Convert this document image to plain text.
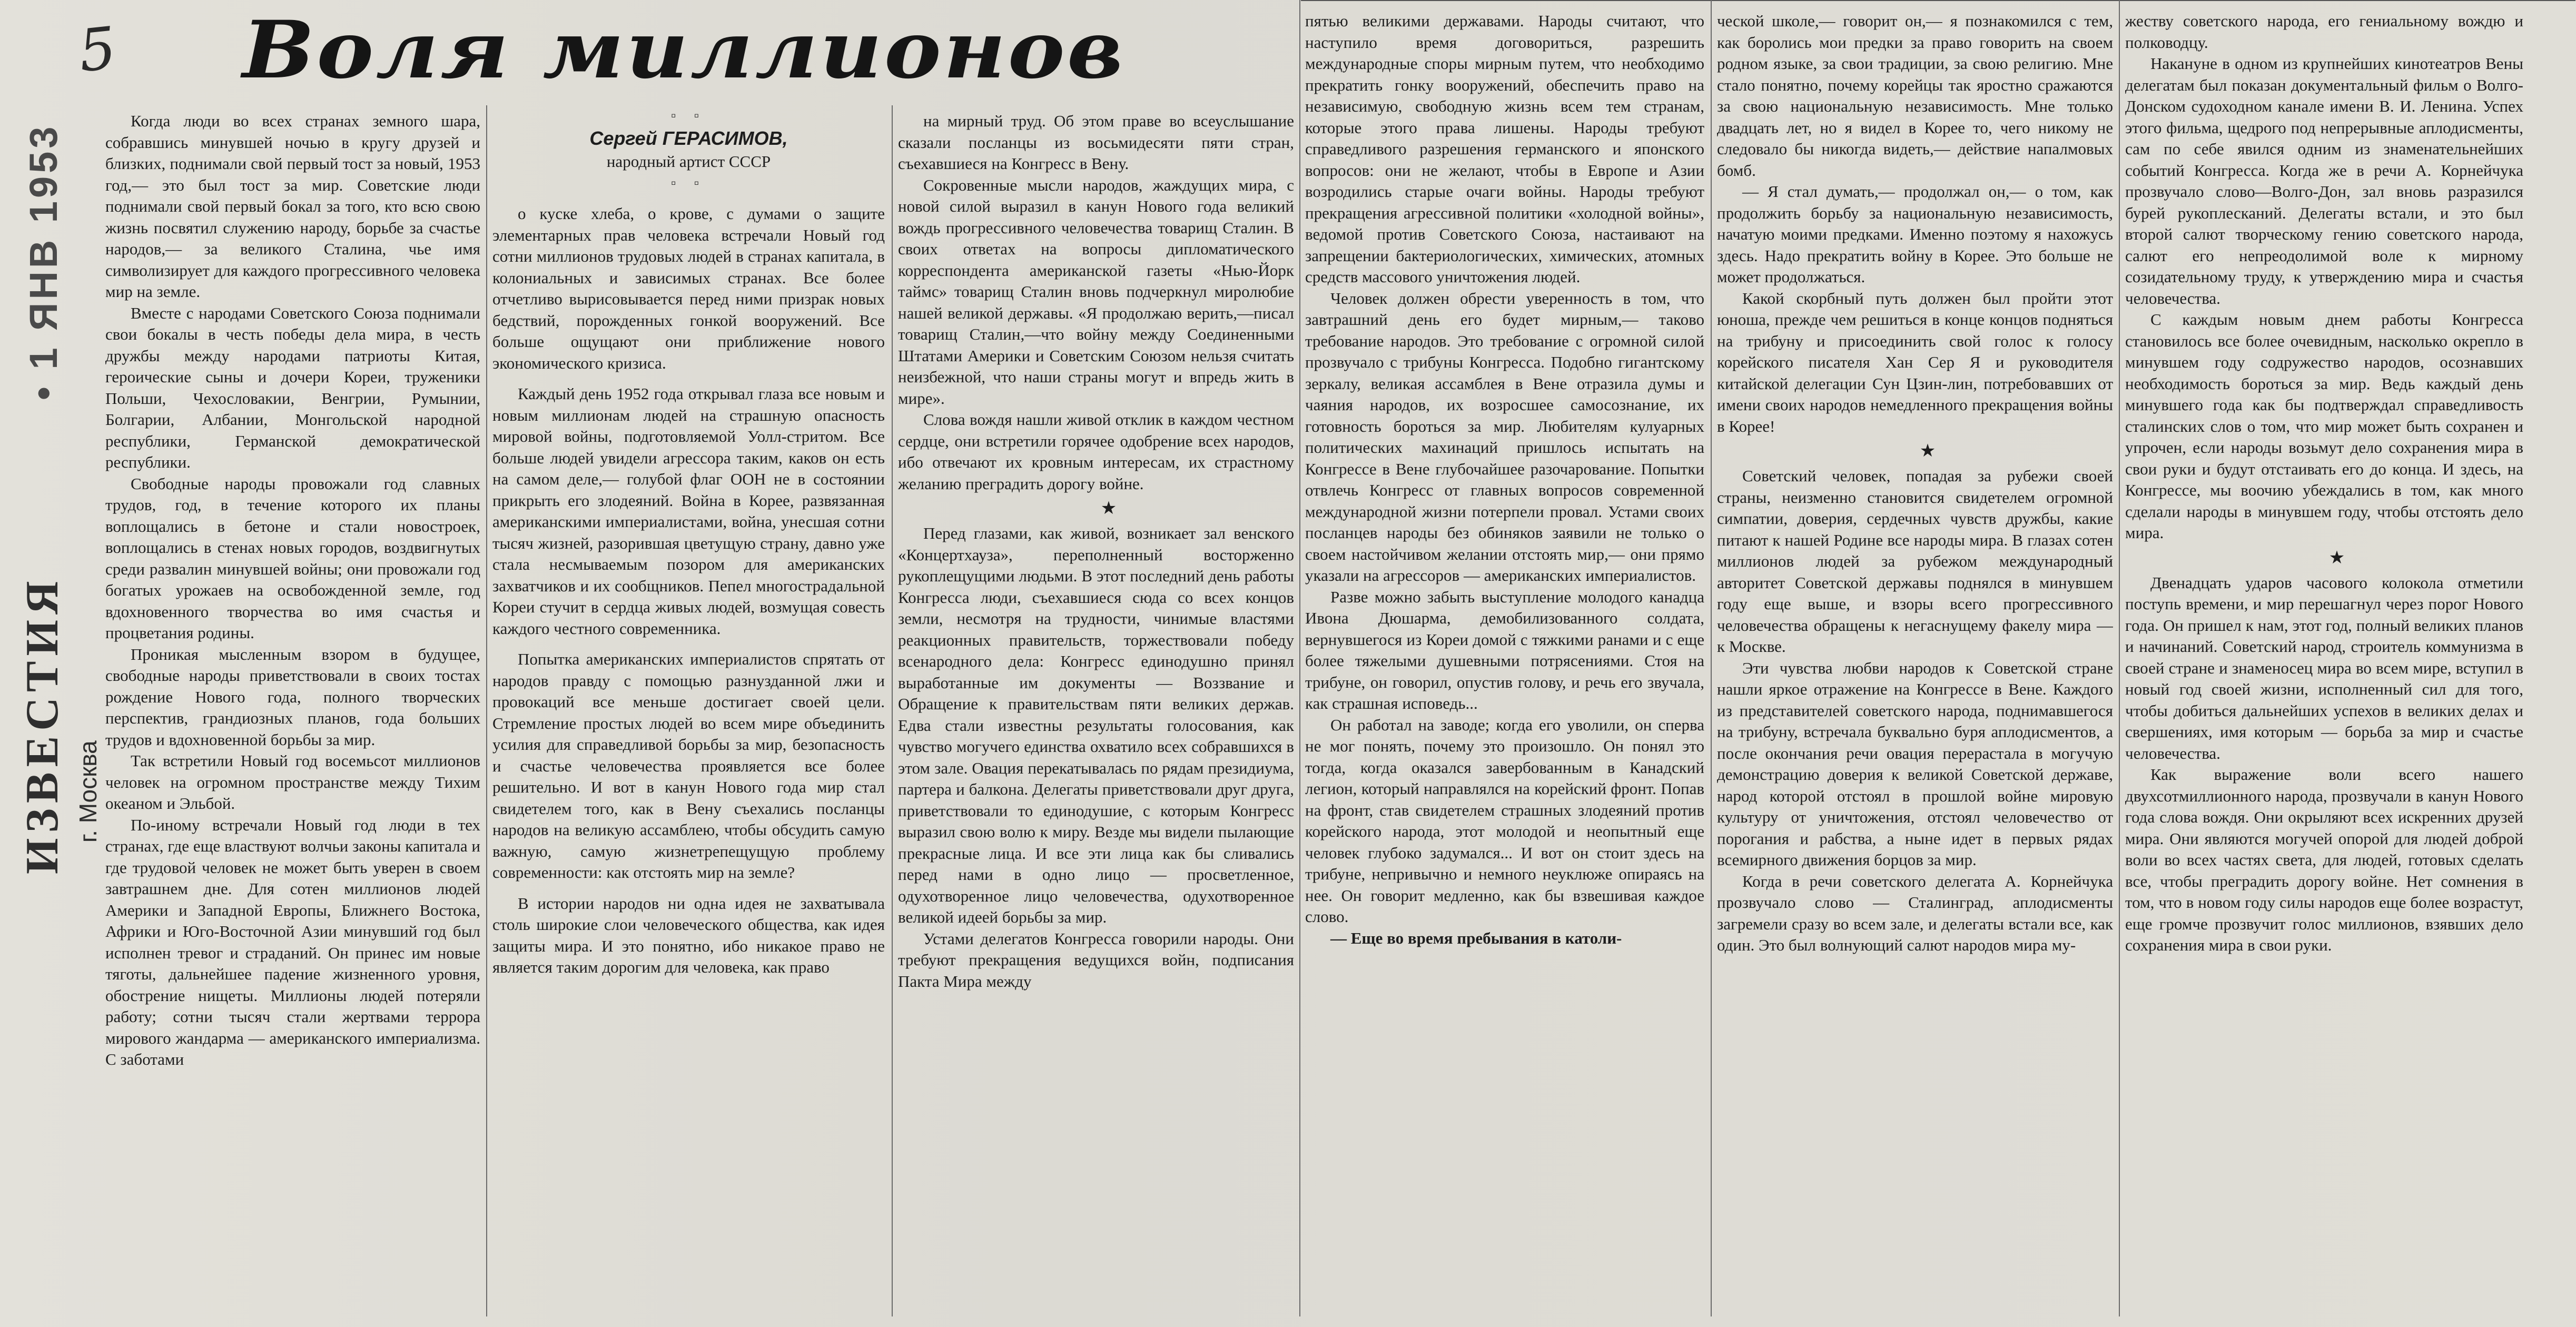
5
• 1 ЯНВ 1953
ИЗВЕСТИЯ г. Москва
Воля миллионов

Когда люди во всех странах земного шара, собравшись минувшей ночью в кругу друзей и близких, поднимали свой первый тост за новый, 1953 год,— это был тост за мир. Советские люди поднимали свой первый бокал за того, кто всю свою жизнь посвятил служению народу, борьбе за счастье народов,— за великого Сталина, чье имя символизирует для каждого прогрессивного человека мир на земле.

Вместе с народами Советского Союза поднимали свои бокалы в честь победы дела мира, в честь дружбы между народами патриоты Китая, героические сыны и дочери Кореи, труженики Польши, Чехословакии, Венгрии, Румынии, Болгарии, Албании, Монгольской народной республики, Германской демократической республики.

Свободные народы провожали год славных трудов, год, в течение которого их планы воплощались в бетоне и стали новостроек, воплощались в стенах новых городов, воздвигнутых среди развалин минувшей войны; они провожали год богатых урожаев на освобожденной земле, год вдохновенного творчества во имя счастья и процветания родины.

Проникая мысленным взором в будущее, свободные народы приветствовали в своих тостах рождение Нового года, полного творческих перспектив, грандиозных планов, года больших трудов и вдохновенной борьбы за мир.

Так встретили Новый год восемьсот миллионов человек на огромном пространстве между Тихим океаном и Эльбой.

По-иному встречали Новый год люди в тех странах, где еще властвуют волчьи законы капитала и где трудовой человек не может быть уверен в своем завтрашнем дне. Для сотен миллионов людей Америки и Западной Европы, Ближнего Востока, Африки и Юго-Восточной Азии минувший год был исполнен тревог и страданий. Он принес им новые тяготы, дальнейшее падение жизненного уровня, обострение нищеты. Миллионы людей потеряли работу; сотни тысяч стали жертвами террора мирового жандарма — американского империализма. С заботами

▫ ▫
Сергей ГЕРАСИМОВ,
народный артист СССР
▫ ▫

о куске хлеба, о крове, с думами о защите элементарных прав человека встречали Новый год сотни миллионов трудовых людей в странах капитала, в колониальных и зависимых странах. Все более отчетливо вырисовывается перед ними призрак новых бедствий, порожденных гонкой вооружений. Все больше ощущают они приближение нового экономического кризиса.

Каждый день 1952 года открывал глаза все новым и новым миллионам людей на страшную опасность мировой войны, подготовляемой Уолл-стритом. Все больше людей увидели агрессора таким, каков он есть на самом деле,— голубой флаг ООН не в состоянии прикрыть его злодеяний. Война в Корее, развязанная американскими империалистами, война, унесшая сотни тысяч жизней, разорившая цветущую страну, давно уже стала несмываемым позором для американских захватчиков и их сообщников. Пепел многострадальной Кореи стучит в сердца живых людей, возмущая совесть каждого честного современника.

Попытка американских империалистов спрятать от народов правду с помощью разнузданной лжи и провокаций все меньше достигает своей цели. Стремление простых людей во всем мире объединить усилия для справедливой борьбы за мир, безопасность и счастье человечества проявляется все более решительно. И вот в канун Нового года мир стал свидетелем того, как в Вену съехались посланцы народов на великую ассамблею, чтобы обсудить самую важную, самую жизнетрепещущую проблему современности: как отстоять мир на земле?

В истории народов ни одна идея не захватывала столь широкие слои человеческого общества, как идея защиты мира. И это понятно, ибо никакое право не является таким дорогим для человека, как право

на мирный труд. Об этом праве во всеуслышание сказали посланцы из восьмидесяти пяти стран, съехавшиеся на Конгресс в Вену.

Сокровенные мысли народов, жаждущих мира, с новой силой выразил в канун Нового года великий вождь прогрессивного человечества товарищ Сталин. В своих ответах на вопросы дипломатического корреспондента американской газеты «Нью-Йорк таймс» товарищ Сталин вновь подчеркнул миролюбие нашей великой державы. «Я продолжаю верить,—писал товарищ Сталин,—что войну между Соединенными Штатами Америки и Советским Союзом нельзя считать неизбежной, что наши страны могут и впредь жить в мире».

Слова вождя нашли живой отклик в каждом честном сердце, они встретили горячее одобрение всех народов, ибо отвечают их кровным интересам, их страстному желанию преградить дорогу войне.

★

Перед глазами, как живой, возникает зал венского «Концертхауза», переполненный восторженно рукоплещущими людьми. В этот последний день работы Конгресса люди, съехавшиеся сюда со всех концов земли, несмотря на трудности, чинимые властями реакционных правительств, торжествовали победу всенародного дела: Конгресс единодушно принял выработанные им документы — Воззвание и Обращение к правительствам пяти великих держав. Едва стали известны результаты голосования, как чувство могучего единства охватило всех собравшихся в этом зале. Овация перекатывалась по рядам президиума, партера и балкона. Делегаты приветствовали друг друга, приветствовали то единодушие, с которым Конгресс выразил свою волю к миру. Везде мы видели пылающие прекрасные лица. И все эти лица как бы сливались перед нами в одно лицо — просветленное, одухотворенное лицо человечества, одухотворенное великой идеей борьбы за мир.

Устами делегатов Конгресса говорили народы. Они требуют прекращения ведущихся войн, подписания Пакта Мира между

пятью великими державами. Народы считают, что наступило время договориться, разрешить международные споры мирным путем, что необходимо прекратить гонку вооружений, обеспечить право на независимую, свободную жизнь всем тем странам, которые этого права лишены. Народы требуют справедливого разрешения германского и японского вопросов: они не желают, чтобы в Европе и Азии возродились старые очаги войны. Народы требуют прекращения агрессивной политики «холодной войны», ведомой против Советского Союза, настаивают на запрещении бактериологических, химических, атомных средств массового уничтожения людей.

Человек должен обрести уверенность в том, что завтрашний день его будет мирным,— таково требование народов. Это требование с огромной силой прозвучало с трибуны Конгресса. Подобно гигантскому зеркалу, великая ассамблея в Вене отразила думы и чаяния народов, их возросшее самосознание, их готовность бороться за мир. Любителям кулуарных политических махинаций пришлось испытать на Конгрессе в Вене глубочайшее разочарование. Попытки отвлечь Конгресс от главных вопросов современной международной жизни потерпели провал. Устами своих посланцев народы без обиняков заявили не только о своем настойчивом желании отстоять мир,— они прямо указали на агрессоров — американских империалистов.

Разве можно забыть выступление молодого канадца Ивона Дюшарма, демобилизованного солдата, вернувшегося из Кореи домой с тяжкими ранами и с еще более тяжелыми душевными потрясениями. Стоя на трибуне, он говорил, опустив голову, и речь его звучала, как страшная исповедь...

Он работал на заводе; когда его уволили, он сперва не мог понять, почему это произошло. Он понял это тогда, когда оказался завербованным в Канадский легион, который направлялся на корейский фронт. Попав на фронт, став свидетелем страшных злодеяний против корейского народа, этот молодой и неопытный еще человек глубоко задумался... И вот он стоит здесь на трибуне, непривычно и немного неуклюже опираясь на нее. Он говорит медленно, как бы взвешивая каждое слово.

— Еще во время пребывания в католи-

ческой школе,— говорит он,— я познакомился с тем, как боролись мои предки за право говорить на своем родном языке, за свои традиции, за свою религию. Мне стало понятно, почему корейцы так яростно сражаются за свою национальную независимость. Мне только двадцать лет, но я видел в Корее то, чего никому не следовало бы никогда видеть,— действие напалмовых бомб.

— Я стал думать,— продолжал он,— о том, как продолжить борьбу за национальную независимость, начатую моими предками. Именно поэтому я нахожусь здесь. Надо прекратить войну в Корее. Это больше не может продолжаться.

Какой скорбный путь должен был пройти этот юноша, прежде чем решиться в конце концов подняться на трибуну и присоединить свой голос к голосу корейского писателя Хан Сер Я и руководителя китайской делегации Сун Цзин-лин, потребовавших от имени своих народов немедленного прекращения войны в Корее!

★

Советский человек, попадая за рубежи своей страны, неизменно становится свидетелем огромной симпатии, доверия, сердечных чувств дружбы, какие питают к нашей Родине все народы мира. В глазах сотен миллионов людей за рубежом международный авторитет Советской державы поднялся в минувшем году еще выше, и взоры всего прогрессивного человечества обращены к негаснущему факелу мира — к Москве.

Эти чувства любви народов к Советской стране нашли яркое отражение на Конгрессе в Вене. Каждого из представителей советского народа, поднимавшегося на трибуну, встречала буквально буря аплодисментов, а после окончания речи овация перерастала в могучую демонстрацию доверия к великой Советской державе, народ которой отстоял в прошлой войне мировую культуру от уничтожения, отстоял человечество от порогания и рабства, а ныне идет в первых рядах всемирного движения борцов за мир.

Когда в речи советского делегата А. Корнейчука прозвучало слово — Сталинград, аплодисменты загремели сразу во всем зале, и делегаты встали все, как один. Это был волнующий салют народов мира му-

жеству советского народа, его гениальному вождю и полководцу.

Накануне в одном из крупнейших кинотеатров Вены делегатам был показан документальный фильм о Волго-Донском судоходном канале имени В. И. Ленина. Успех этого фильма, щедрого под непрерывные аплодисменты, сам по себе явился одним из знаменательнейших событий Конгресса. Когда же в речи А. Корнейчука прозвучало слово—Волго-Дон, зал вновь разразился бурей рукоплесканий. Делегаты встали, и это был второй салют творческому гению советского народа, салют его непреодолимой воле к мирному созидательному труду, к утверждению мира и счастья человечества.

С каждым новым днем работы Конгресса становилось все более очевидным, насколько окрепло в минувшем году содружество народов, осознавших необходимость бороться за мир. Ведь каждый день минувшего года как бы подтверждал справедливость сталинских слов о том, что мир может быть сохранен и упрочен, если народы возьмут дело сохранения мира в свои руки и будут отстаивать его до конца. И здесь, на Конгрессе, мы воочию убеждались в том, как много сделали народы в минувшем году, чтобы отстоять дело мира.

★

Двенадцать ударов часового колокола отметили поступь времени, и мир перешагнул через порог Нового года. Он пришел к нам, этот год, полный великих планов и начинаний. Советский народ, строитель коммунизма в своей стране и знаменосец мира во всем мире, вступил в новый год своей жизни, исполненный сил для того, чтобы добиться дальнейших успехов в великих делах и свершениях, имя которым — борьба за мир и счастье человечества.

Как выражение воли всего нашего двухсотмиллионного народа, прозвучали в канун Нового года слова вождя. Они окрыляют всех искренних друзей мира. Они являются могучей опорой для людей доброй воли во всех частях света, для людей, готовых сделать все, чтобы преградить дорогу войне. Нет сомнения в том, что в новом году силы народов еще более возрастут, еще громче прозвучит голос миллионов, взявших дело сохранения мира в свои руки.
